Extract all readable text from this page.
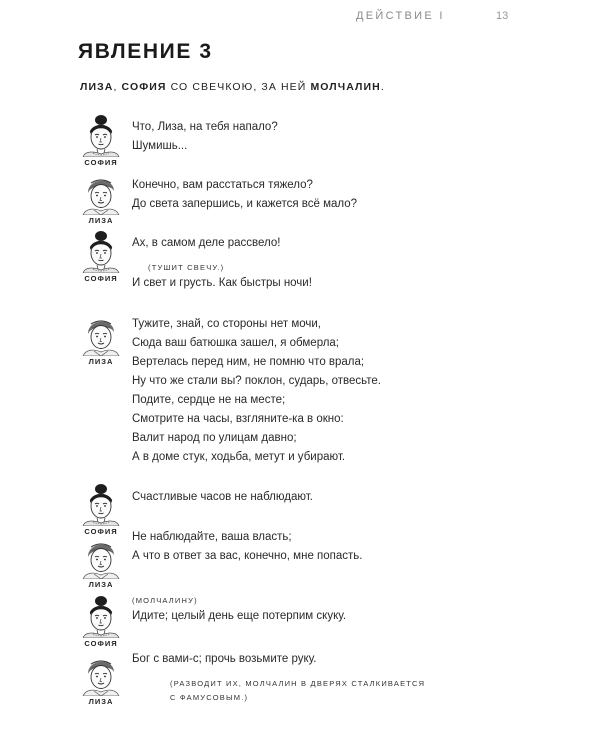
ДЕЙСТВИЕ I	13
ЯВЛЕНИЕ 3
ЛИЗА, СОФИЯ СО СВЕЧКОЮ, ЗА НЕЙ МОЛЧАЛИН.
СОФИЯ
Что, Лиза, на тебя напало?
Шумишь...
ЛИЗА
Конечно, вам расстаться тяжело?
До света запершись, и кажется всё мало?
СОФИЯ
Ах, в самом деле рассвело!
(ТУШИТ СВЕЧУ.)
И свет и грусть. Как быстры ночи!
ЛИЗА
Тужите, знай, со стороны нет мочи,
Сюда ваш батюшка зашел, я обмерла;
Вертелась перед ним, не помню что врала;
Ну что же стали вы? поклон, сударь, отвесьте.
Подите, сердце не на месте;
Смотрите на часы, взгляните-ка в окно:
Валит народ по улицам давно;
А в доме стук, ходьба, метут и убирают.
СОФИЯ
Счастливые часов не наблюдают.
ЛИЗА
Не наблюдайте, ваша власть;
А что в ответ за вас, конечно, мне попасть.
СОФИЯ
(МОЛЧАЛИНУ)
Идите; целый день еще потерпим скуку.
ЛИЗА
Бог с вами-с; прочь возьмите руку.
(РАЗВОДИТ ИХ, МОЛЧАЛИН В ДВЕРЯХ СТАЛКИВАЕТСЯ
С ФАМУСОВЫМ.)
